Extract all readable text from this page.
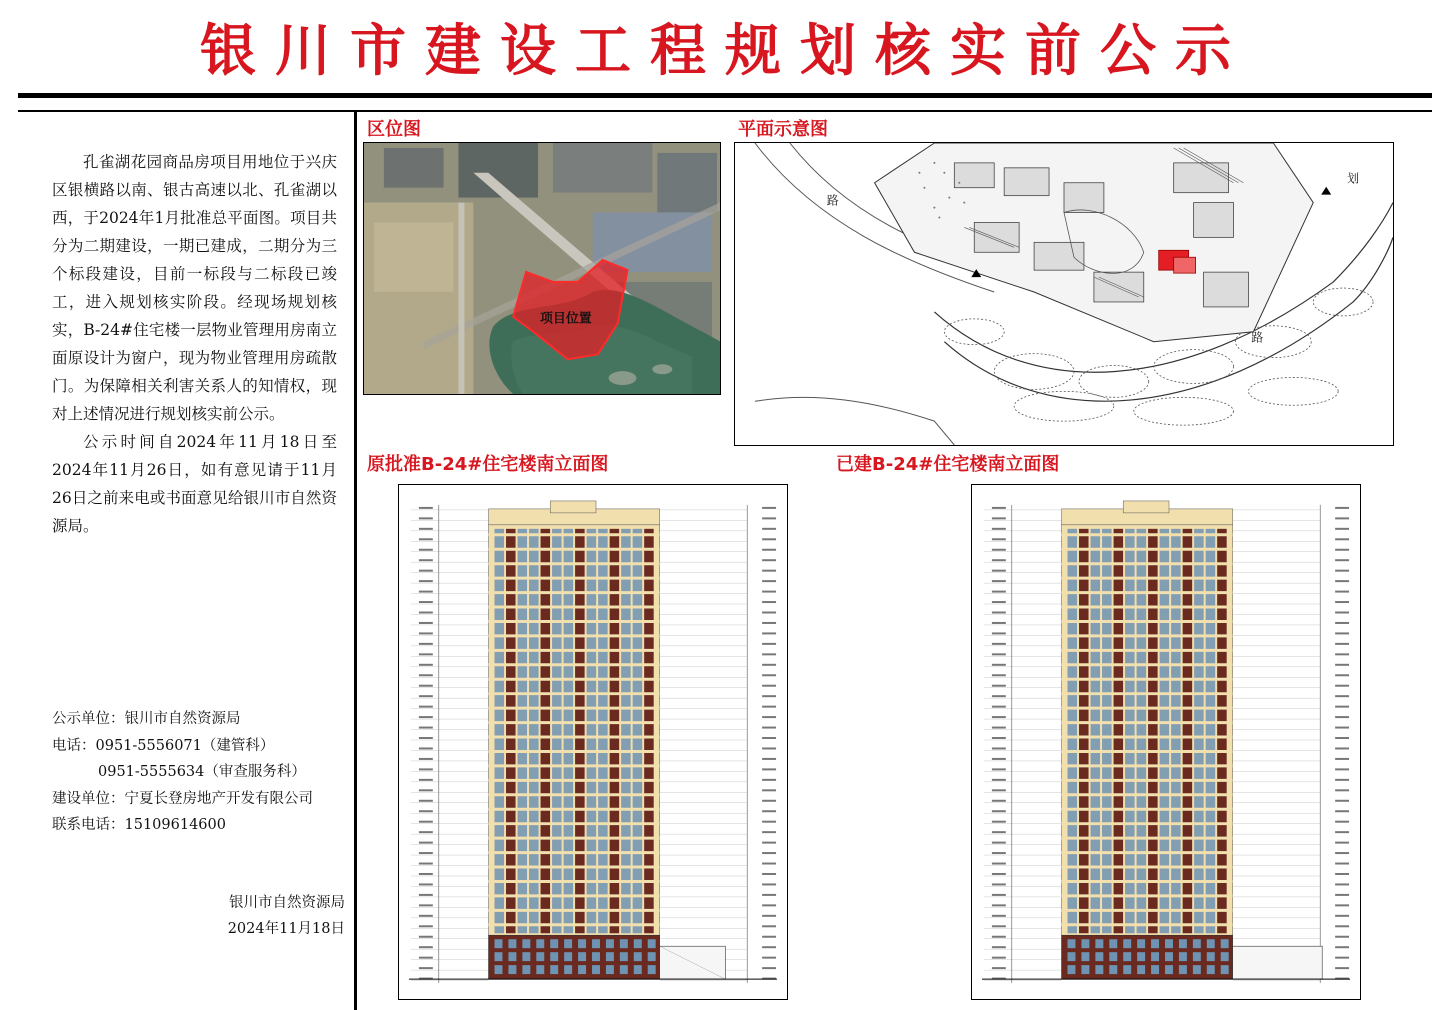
银川市建设工程规划核实前公示

孔雀湖花园商品房项目用地位于兴庆区银横路以南、银古高速以北、孔雀湖以西，于2024年1月批准总平面图。项目共分为二期建设，一期已建成，二期分为三个标段建设，目前一标段与二标段已竣工，进入规划核实阶段。经现场规划核实，B-24#住宅楼一层物业管理用房南立面原设计为窗户，现为物业管理用房疏散门。为保障相关利害关系人的知情权，现对上述情况进行规划核实前公示。

公示时间自2024年11月18日至2024年11月26日，如有意见请于11月26日之前来电或书面意见给银川市自然资源局。

公示单位：银川市自然资源局
电话：0951-5556071（建管科）
0951-5555634（审查服务科）
建设单位：宁夏长登房地产开发有限公司
联系电话：15109614600
银川市自然资源局
2024年11月18日
区位图	平面示意图
原批准B-24#住宅楼南立面图	已建B-24#住宅楼南立面图
项目位置
路
路
划
